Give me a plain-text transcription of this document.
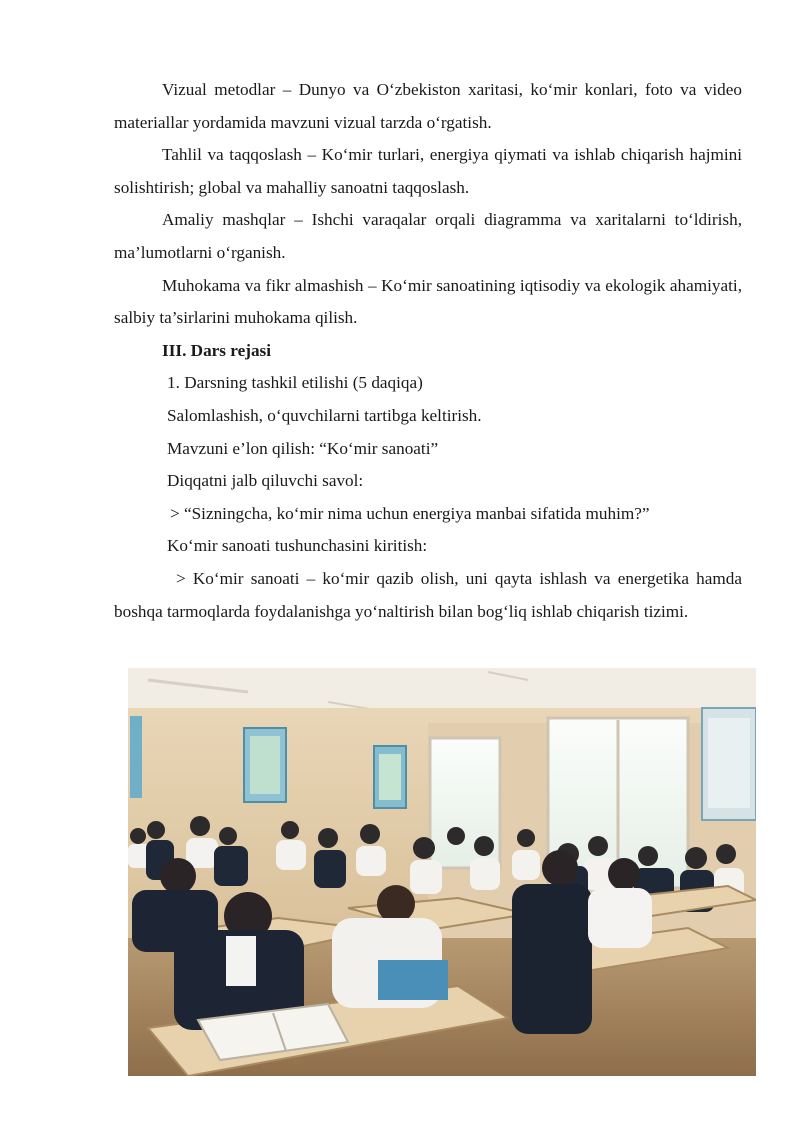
Vizual metodlar – Dunyo va O‘zbekiston xaritasi, ko‘mir konlari, foto va video materiallar yordamida mavzuni vizual tarzda o‘rgatish.

Tahlil va taqqoslash – Ko‘mir turlari, energiya qiymati va ishlab chiqarish hajmini solishtirish; global va mahalliy sanoatni taqqoslash.

Amaliy mashqlar – Ishchi varaqalar orqali diagramma va xaritalarni to‘ldirish, ma’lumotlarni o‘rganish.

Muhokama va fikr almashish – Ko‘mir sanoatining iqtisodiy va ekologik ahamiyati, salbiy ta’sirlarini muhokama qilish.

III. Dars rejasi

1. Darsning tashkil etilishi (5 daqiqa)

Salomlashish, o‘quvchilarni tartibga keltirish.

Mavzuni e’lon qilish: “Ko‘mir sanoati”

Diqqatni jalb qiluvchi savol:

> “Sizningcha, ko‘mir nima uchun energiya manbai sifatida muhim?”

Ko‘mir sanoati tushunchasini kiritish:

> Ko‘mir sanoati – ko‘mir qazib olish, uni qayta ishlash va energetika hamda boshqa tarmoqlarda foydalanishga yo‘naltirish bilan bog‘liq ishlab chiqarish tizimi.
